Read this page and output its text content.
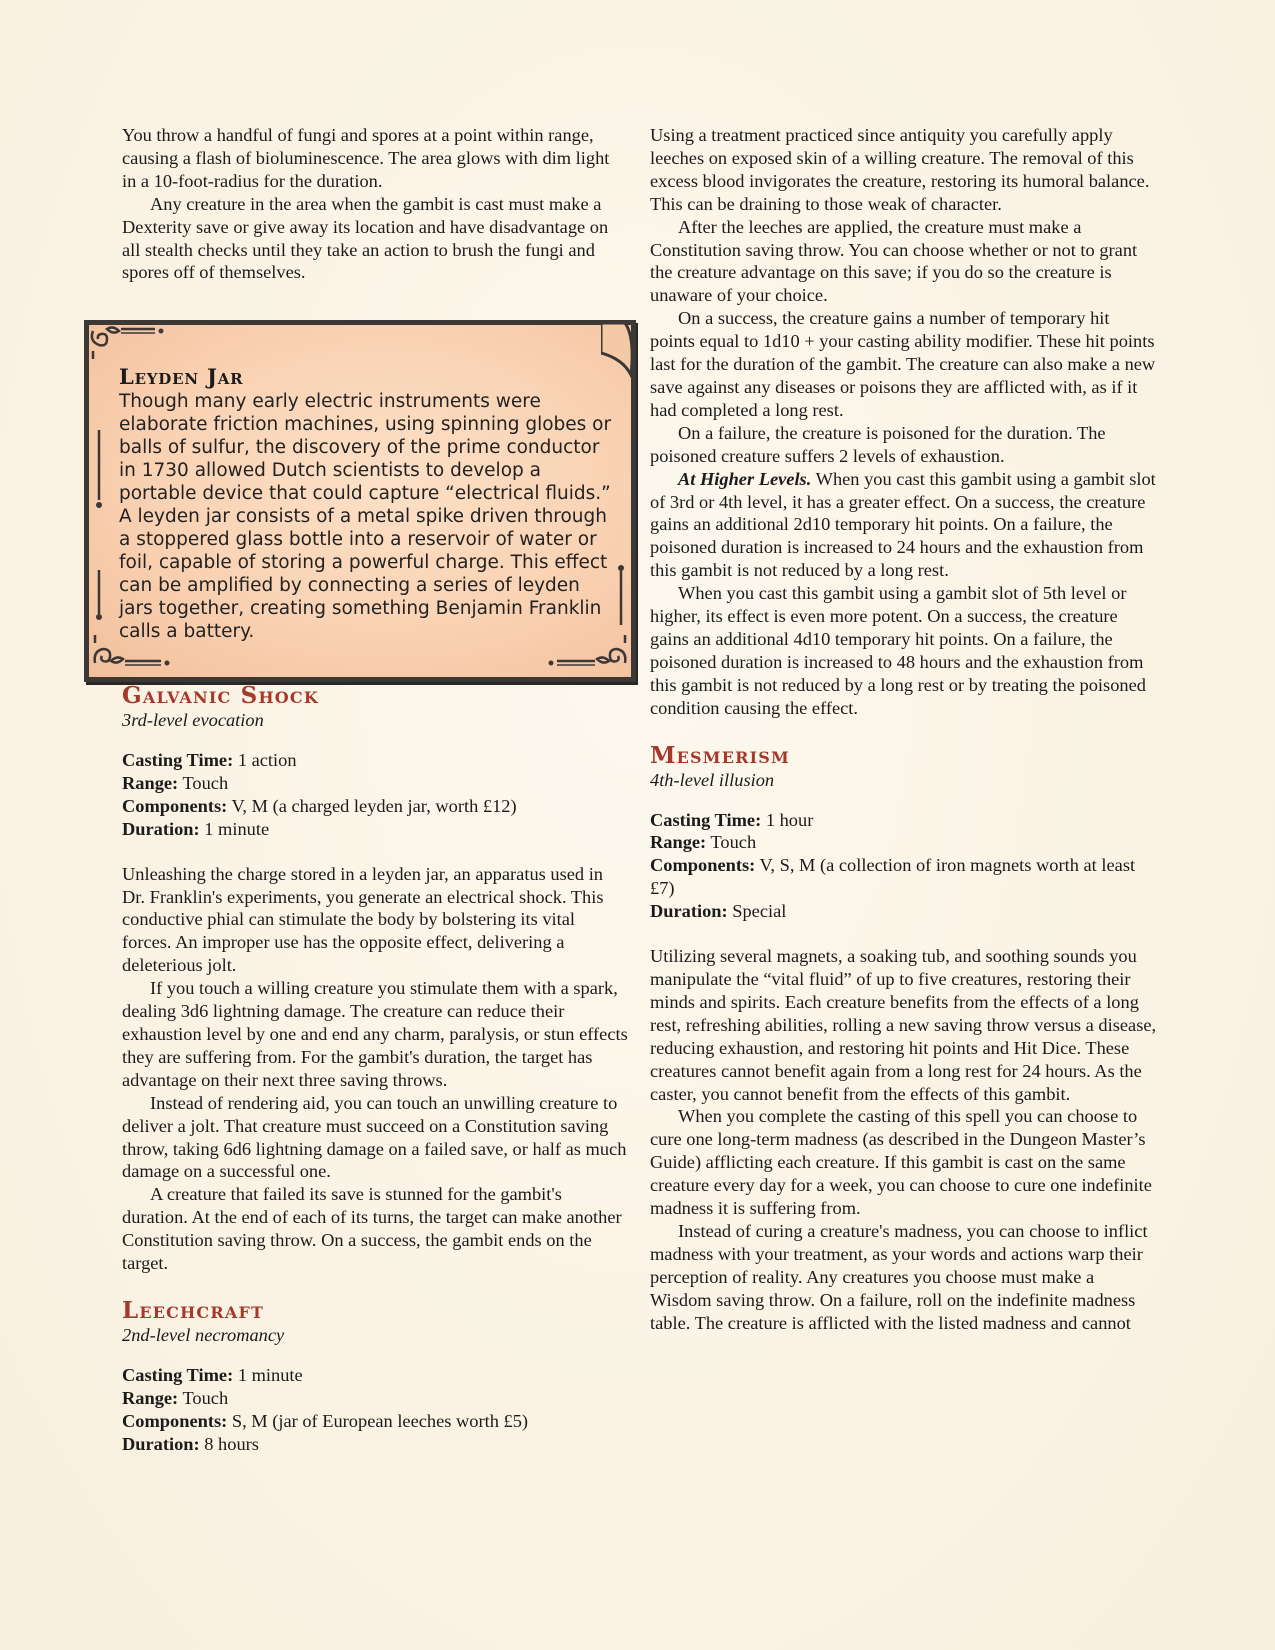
You throw a handful of fungi and spores at a point within range, causing a flash of bioluminescence. The area glows with dim light in a 10-foot-radius for the duration.

Any creature in the area when the gambit is cast must make a Dexterity save or give away its location and have disadvantage on all stealth checks until they take an action to brush the fungi and spores off of themselves.

Leyden Jar

Though many early electric instruments were elaborate friction machines, using spinning globes or balls of sulfur, the discovery of the prime conductor in 1730 allowed Dutch scientists to develop a portable device that could capture “electrical fluids.” A leyden jar consists of a metal spike driven through a stoppered glass bottle into a reservoir of water or foil, capable of storing a powerful charge. This effect can be amplified by connecting a series of leyden jars together, creating something Benjamin Franklin calls a battery.

Galvanic Shock

3rd-level evocation

Casting Time: 1 action

Range: Touch

Components: V, M (a charged leyden jar, worth £12)

Duration: 1 minute

Unleashing the charge stored in a leyden jar, an apparatus used in Dr. Franklin's experiments, you generate an electrical shock. This conductive phial can stimulate the body by bolstering its vital forces. An improper use has the opposite effect, delivering a deleterious jolt.

If you touch a willing creature you stimulate them with a spark, dealing 3d6 lightning damage. The creature can reduce their exhaustion level by one and end any charm, paralysis, or stun effects they are suffering from. For the gambit's duration, the target has advantage on their next three saving throws.

Instead of rendering aid, you can touch an unwilling creature to deliver a jolt. That creature must succeed on a Constitution saving throw, taking 6d6 lightning damage on a failed save, or half as much damage on a successful one.

A creature that failed its save is stunned for the gambit's duration. At the end of each of its turns, the target can make another Constitution saving throw. On a success, the gambit ends on the target.

Leechcraft

2nd-level necromancy

Casting Time: 1 minute

Range: Touch

Components: S, M (jar of European leeches worth £5)

Duration: 8 hours

Using a treatment practiced since antiquity you carefully apply leeches on exposed skin of a willing creature. The removal of this excess blood invigorates the creature, restoring its humoral balance. This can be draining to those weak of character.

After the leeches are applied, the creature must make a Constitution saving throw. You can choose whether or not to grant the creature advantage on this save; if you do so the creature is unaware of your choice.

On a success, the creature gains a number of temporary hit points equal to 1d10 + your casting ability modifier. These hit points last for the duration of the gambit. The creature can also make a new save against any diseases or poisons they are afflicted with, as if it had completed a long rest.

On a failure, the creature is poisoned for the duration. The poisoned creature suffers 2 levels of exhaustion.

At Higher Levels. When you cast this gambit using a gambit slot of 3rd or 4th level, it has a greater effect. On a success, the creature gains an additional 2d10 temporary hit points. On a failure, the poisoned duration is increased to 24 hours and the exhaustion from this gambit is not reduced by a long rest.

When you cast this gambit using a gambit slot of 5th level or higher, its effect is even more potent. On a success, the creature gains an additional 4d10 temporary hit points. On a failure, the poisoned duration is increased to 48 hours and the exhaustion from this gambit is not reduced by a long rest or by treating the poisoned condition causing the effect.

Mesmerism

4th-level illusion

Casting Time: 1 hour

Range: Touch

Components: V, S, M (a collection of iron magnets worth at least £7)

Duration: Special

Utilizing several magnets, a soaking tub, and soothing sounds you manipulate the “vital fluid” of up to five creatures, restoring their minds and spirits. Each creature benefits from the effects of a long rest, refreshing abilities, rolling a new saving throw versus a disease, reducing exhaustion, and restoring hit points and Hit Dice. These creatures cannot benefit again from a long rest for 24 hours. As the caster, you cannot benefit from the effects of this gambit.

When you complete the casting of this spell you can choose to cure one long-term madness (as described in the Dungeon Master’s Guide) afflicting each creature. If this gambit is cast on the same creature every day for a week, you can choose to cure one indefinite madness it is suffering from.

Instead of curing a creature's madness, you can choose to inflict madness with your treatment, as your words and actions warp their perception of reality. Any creatures you choose must make a Wisdom saving throw. On a failure, roll on the indefinite madness table. The creature is afflicted with the listed madness and cannot
